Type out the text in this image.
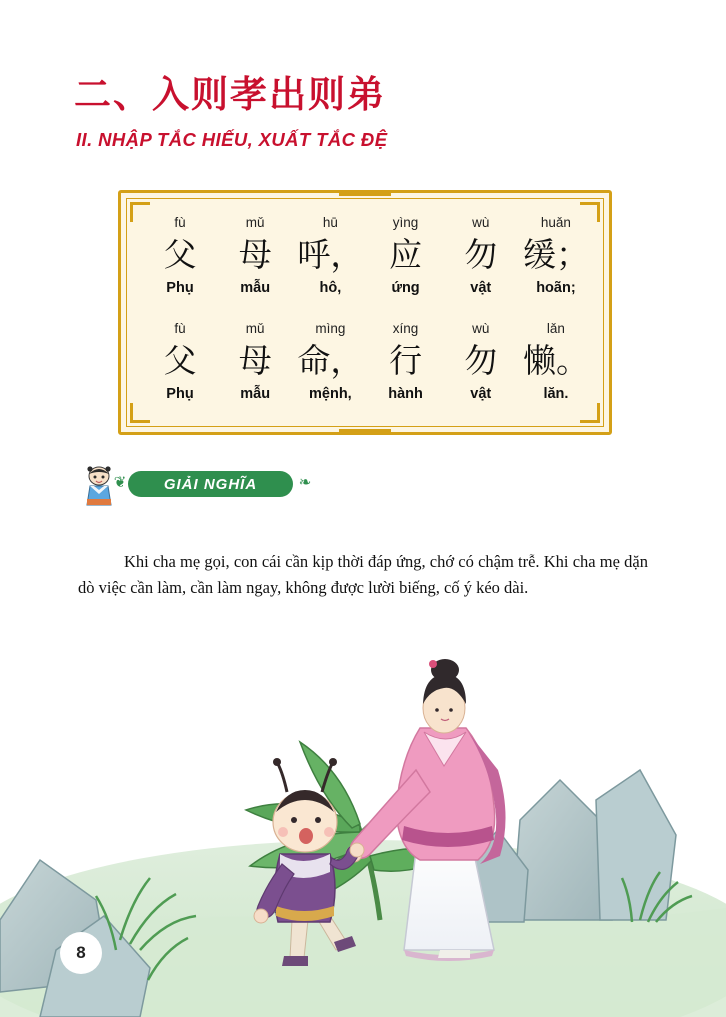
二、入则孝出则弟
II. NHẬP TẮC HIẾU, XUẤT TẮC ĐỆ
fù
父
Phụ
mǔ
母
mẫu
hū
呼，
hô,
yìng
应
ứng
wù
勿
vật
huǎn
缓；
hoãn;
fù
父
Phụ
mǔ
母
mẫu
mìng
命，
mệnh,
xíng
行
hành
wù
勿
vật
lǎn
懒。
lăn.
❦	GIẢI NGHĨA	❧

Khi cha mẹ gọi, con cái cần kịp thời đáp ứng, chớ có chậm trễ. Khi cha mẹ dặn dò việc cần làm, cần làm ngay, không được lười biếng, cố ý kéo dài.

8
